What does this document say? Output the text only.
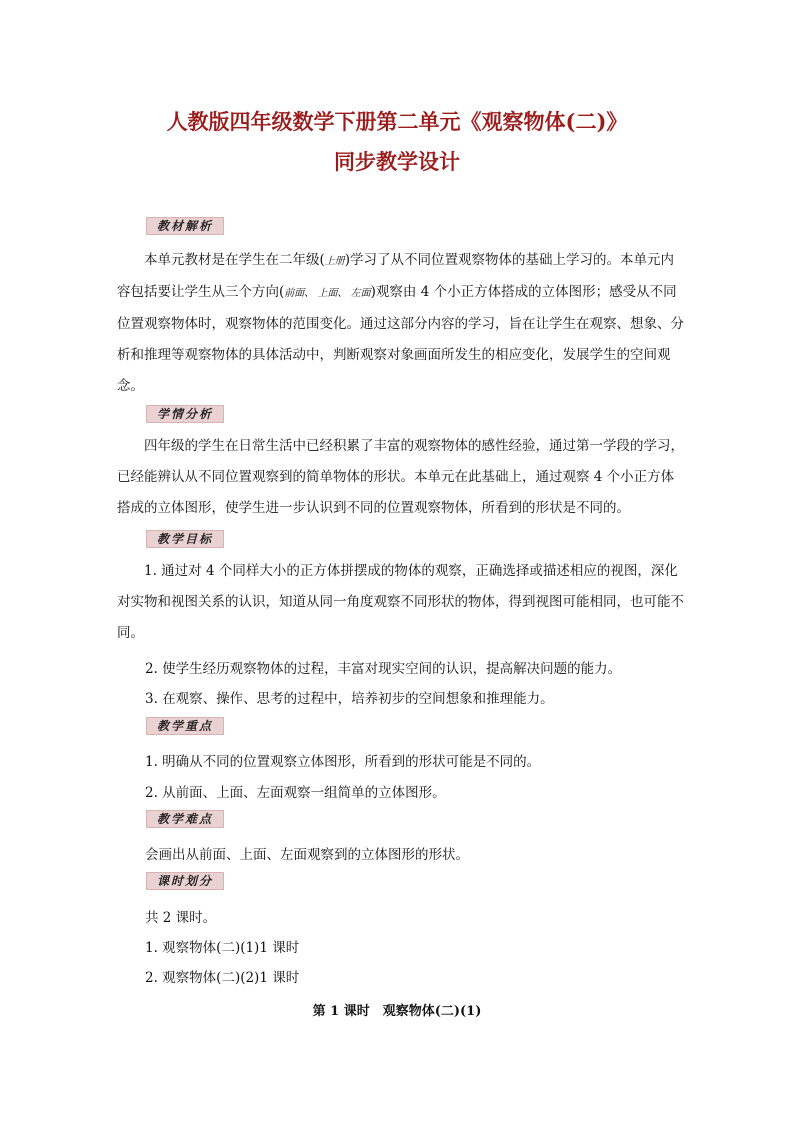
人教版四年级数学下册第二单元《观察物体(二)》
同步教学设计
教材解析
本单元教材是在学生在二年级(上册)学习了从不同位置观察物体的基础上学习的。本单元内容包括要让学生从三个方向(前面、 上面、 左面)观察由 4 个小正方体搭成的立体图形；感受从不同位置观察物体时，观察物体的范围变化。通过这部分内容的学习，旨在让学生在观察、想象、分析和推理等观察物体的具体活动中，判断观察对象画面所发生的相应变化，发展学生的空间观念。
学情分析
四年级的学生在日常生活中已经积累了丰富的观察物体的感性经验，通过第一学段的学习，已经能辨认从不同位置观察到的简单物体的形状。本单元在此基础上，通过观察 4 个小正方体搭成的立体图形，使学生进一步认识到不同的位置观察物体，所看到的形状是不同的。
教学目标
1. 通过对 4 个同样大小的正方体拼摆成的物体的观察，正确选择或描述相应的视图，深化对实物和视图关系的认识，知道从同一角度观察不同形状的物体，得到视图可能相同，也可能不同。
2. 使学生经历观察物体的过程，丰富对现实空间的认识，提高解决问题的能力。
3. 在观察、操作、思考的过程中，培养初步的空间想象和推理能力。
教学重点
1. 明确从不同的位置观察立体图形，所看到的形状可能是不同的。
2. 从前面、上面、左面观察一组简单的立体图形。
教学难点
会画出从前面、上面、左面观察到的立体图形的形状。
课时划分
共 2 课时。
1. 观察物体(二)(1)1 课时
2. 观察物体(二)(2)1 课时
第 1 课时　观察物体(二)(1)
